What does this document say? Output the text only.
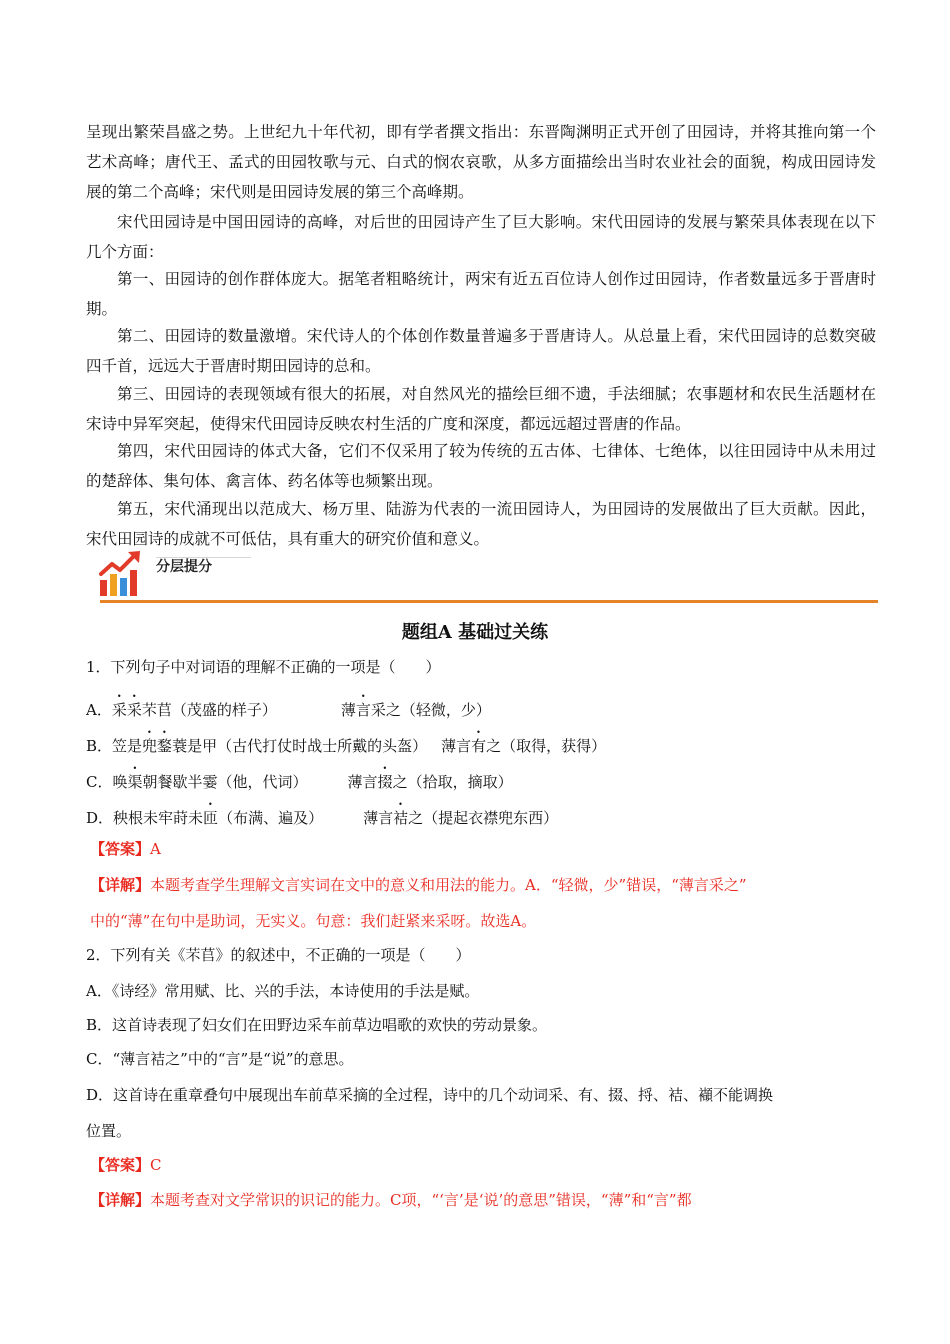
呈现出繁荣昌盛之势。上世纪九十年代初，即有学者撰文指出：东晋陶渊明正式开创了田园诗，并将其推向第一个艺术高峰；唐代王、孟式的田园牧歌与元、白式的悯农哀歌，从多方面描绘出当时农业社会的面貌，构成田园诗发展的第二个高峰；宋代则是田园诗发展的第三个高峰期。

宋代田园诗是中国田园诗的高峰，对后世的田园诗产生了巨大影响。宋代田园诗的发展与繁荣具体表现在以下几个方面：

第一、田园诗的创作群体庞大。据笔者粗略统计，两宋有近五百位诗人创作过田园诗，作者数量远多于晋唐时期。

第二、田园诗的数量激增。宋代诗人的个体创作数量普遍多于晋唐诗人。从总量上看，宋代田园诗的总数突破四千首，远远大于晋唐时期田园诗的总和。

第三、田园诗的表现领域有很大的拓展，对自然风光的描绘巨细不遗，手法细腻；农事题材和农民生活题材在宋诗中异军突起，使得宋代田园诗反映农村生活的广度和深度，都远远超过晋唐的作品。

第四，宋代田园诗的体式大备，它们不仅采用了较为传统的五古体、七律体、七绝体，以往田园诗中从未用过的楚辞体、集句体、禽言体、药名体等也频繁出现。

第五，宋代涌现出以范成大、杨万里、陆游为代表的一流田园诗人，为田园诗的发展做出了巨大贡献。因此，宋代田园诗的成就不可低估，具有重大的研究价值和意义。

分层提分
题组A 基础过关练

1．下列句子中对词语的理解不正确的一项是（　　）

A．采采芣苢（茂盛的样子）	薄言采之（轻微，少）

B．笠是兜鍪蓑是甲（古代打仗时战士所戴的头盔） 薄言有之（取得，获得）

C．唤渠朝餐歇半霎（他，代词）	薄言掇之（拾取，摘取）

D．秧根未牢莳未匝（布满、遍及）	薄言袺之（提起衣襟兜东西）

【答案】A

【详解】本题考查学生理解文言实词在文中的意义和用法的能力。A．“轻微，少”错误，“薄言采之”

中的“薄”在句中是助词，无实义。句意：我们赶紧来采呀。故选A。

2．下列有关《芣苢》的叙述中，不正确的一项是（　　）

A．《诗经》常用赋、比、兴的手法，本诗使用的手法是赋。

B．这首诗表现了妇女们在田野边采车前草边唱歌的欢快的劳动景象。

C．“薄言袺之”中的“言”是“说”的意思。

D．这首诗在重章叠句中展现出车前草采摘的全过程，诗中的几个动词采、有、掇、捋、袺、襭不能调换

位置。

【答案】C

【详解】本题考查对文学常识的识记的能力。C项，“‘言’是‘说’的意思”错误，“薄”和“言”都
